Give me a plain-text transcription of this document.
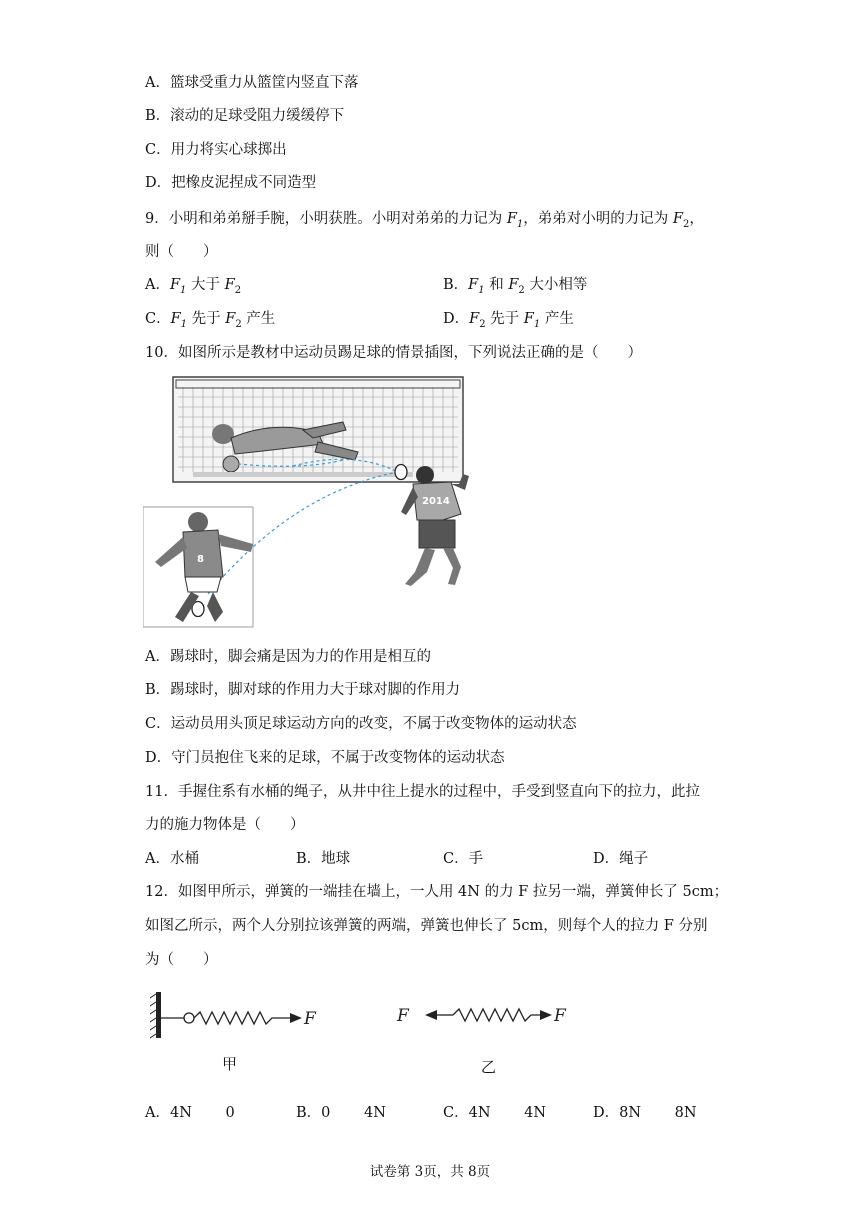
A．篮球受重力从篮筐内竖直下落
B．滚动的足球受阻力缓缓停下
C．用力将实心球掷出
D．把橡皮泥捏成不同造型
9．小明和弟弟掰手腕，小明获胜。小明对弟弟的力记为 $F_1$，弟弟对小明的力记为 $F_2$，
则（　　）
A．$F_1$ 大于 $F_2$	B．$F_1$ 和 $F_2$ 大小相等
C．$F_1$ 先于 $F_2$ 产生	D．$F_2$ 先于 $F_1$ 产生
10．如图所示是教材中运动员踢足球的情景插图，下列说法正确的是（　　）
2014
8
A．踢球时，脚会痛是因为力的作用是相互的
B．踢球时，脚对球的作用力大于球对脚的作用力
C．运动员用头顶足球运动方向的改变，不属于改变物体的运动状态
D．守门员抱住飞来的足球，不属于改变物体的运动状态
11．手握住系有水桶的绳子，从井中往上提水的过程中，手受到竖直向下的拉力，此拉
力的施力物体是（　　）
A．水桶	B．地球	C．手	D．绳子
12．如图甲所示，弹簧的一端挂在墙上，一人用 4N 的力 F 拉另一端，弹簧伸长了 5cm；
如图乙所示，两个人分别拉该弹簧的两端，弹簧也伸长了 5cm，则每个人的拉力 F 分别
为（　　）
F
甲
F	F
乙
A．4N　　 0	B．0　　 4N	C．4N　　 4N	D．8N　　 8N
试卷第 3页，共 8页
